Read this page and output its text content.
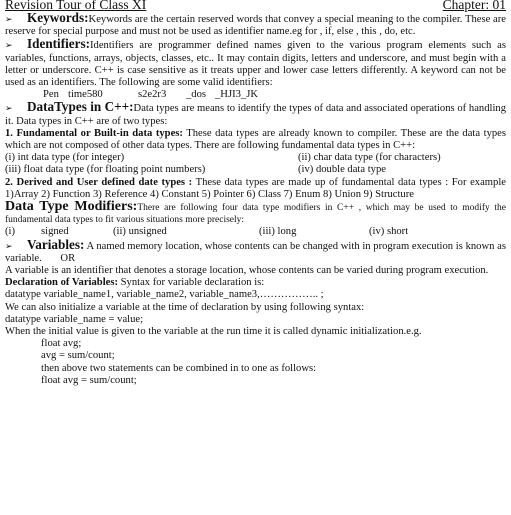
Revision Tour of Class XI	Chapter: 01

➢ Keywords:Keywords are the certain reserved words that convey a special meaning to the compiler. These are reserve for special purpose and must not be used as identifier name.eg for , if, else , this , do, etc.

➢ Identifiers:Identifiers are programmer defined names given to the various program elements such as variables, functions, arrays, objects, classes, etc.. It may contain digits, letters and underscore, and must begin with a letter or underscore. C++ is case sensitive as it treats upper and lower case letters differently. A keyword can not be used as an identifiers. The following are some valid identifiers:

Pen time580	s2e2r3	_dos _HJI3_JK

➢ DataTypes in C++:Data types are means to identify the types of data and associated operations of handling it. Data types in C++ are of two types:

1. Fundamental or Built-in data types: These data types are already known to compiler. These are the data types which are not composed of other data types. There are following fundamental data types in C++:

(i) int data type (for integer)	(ii) char data type (for characters)
(iii) float data type (for floating point numbers)	(iv) double data type

2. Derived and User defined date types : These data types are made up of fundamental data types : For example 1)Array 2) Function 3) Reference 4) Constant 5) Pointer 6) Class 7) Enum 8) Union 9) Structure

Data Type Modifiers:There are following four data type modifiers in C++ , which may be used to modify the fundamental data types to fit various situations more precisely:

(i)	signed	(ii) unsigned	(iii) long	(iv) short

➢ Variables: A named memory location, whose contents can be changed with in program execution is known as variable. OR

A variable is an identifier that denotes a storage location, whose contents can be varied during program execution.

Declaration of Variables: Syntax for variable declaration is:

datatype variable_name1, variable_name2, variable_name3,…………….. ;

We can also initialize a variable at the time of declaration by using following syntax:

datatype variable_name = value;

When the initial value is given to the variable at the run time it is called dynamic initialization.e.g.

float avg;

avg = sum/count;

then above two statements can be combined in to one as follows:

float avg = sum/count;
